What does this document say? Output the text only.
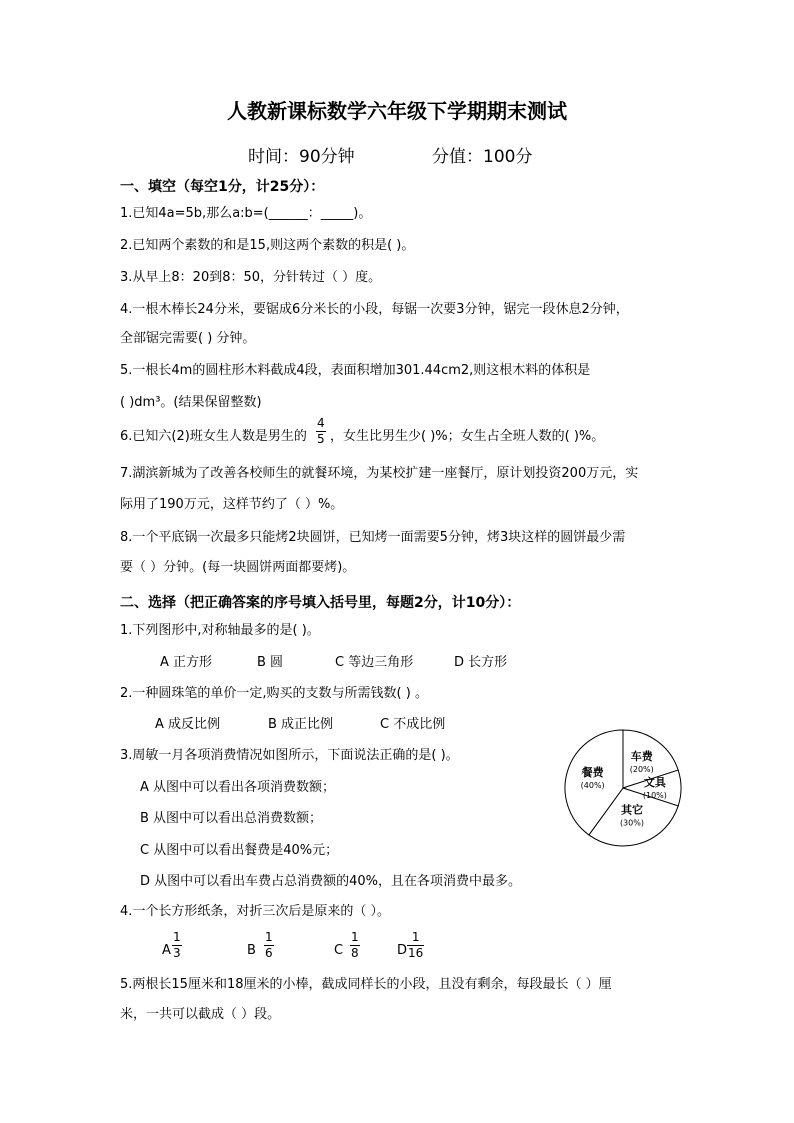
人教新课标数学六年级下学期期末测试
时间：90分钟	分值：100分
一、填空（每空1分，计25分）：
1.已知4a=5b,那么a:b=(______：_____)。
2.已知两个素数的和是15,则这两个素数的积是( )。
3.从早上8：20到8：50，分针转过（ ）度。
4.一根木棒长24分米，要锯成6分米长的小段，每锯一次要3分钟，锯完一段休息2分钟，
全部锯完需要( ) 分钟。
5.一根长4m的圆柱形木料截成4段，表面积增加301.44cm2,则这根木料的体积是
( )dm³。(结果保留整数)
6.已知六(2)班女生人数是男生的
4
5 ，女生比男生少( )%；女生占全班人数的( )%。
7.湖滨新城为了改善各校师生的就餐环境，为某校扩建一座餐厅，原计划投资200万元，实
际用了190万元，这样节约了（ ）%。
8.一个平底锅一次最多只能烤2块圆饼，已知烤一面需要5分钟，烤3块这样的圆饼最少需
要（ ）分钟。(每一块圆饼两面都要烤)。
二、选择（把正确答案的序号填入括号里，每题2分，计10分）：
1.下列图形中,对称轴最多的是( )。
A 正方形	B 圆	C 等边三角形	D 长方形
2.一种圆珠笔的单价一定,购买的支数与所需钱数( ) 。
A 成反比例	B 成正比例	C 不成比例
3.周敏一月各项消费情况如图所示，下面说法正确的是( )。
A 从图中可以看出各项消费数额；
B 从图中可以看出总消费数额；
C 从图中可以看出餐费是40%元；
D 从图中可以看出车费占总消费额的40%，且在各项消费中最多。
车费
(20%)
文具
(10%)
其它
(30%)
餐费
(40%)
4.一个长方形纸条，对折三次后是原来的（ ）。
A
1
3	B
1
6	C
1
8	D
1
16
5.两根长15厘米和18厘米的小棒，截成同样长的小段，且没有剩余，每段最长（ ）厘
米，一共可以截成（ ）段。
